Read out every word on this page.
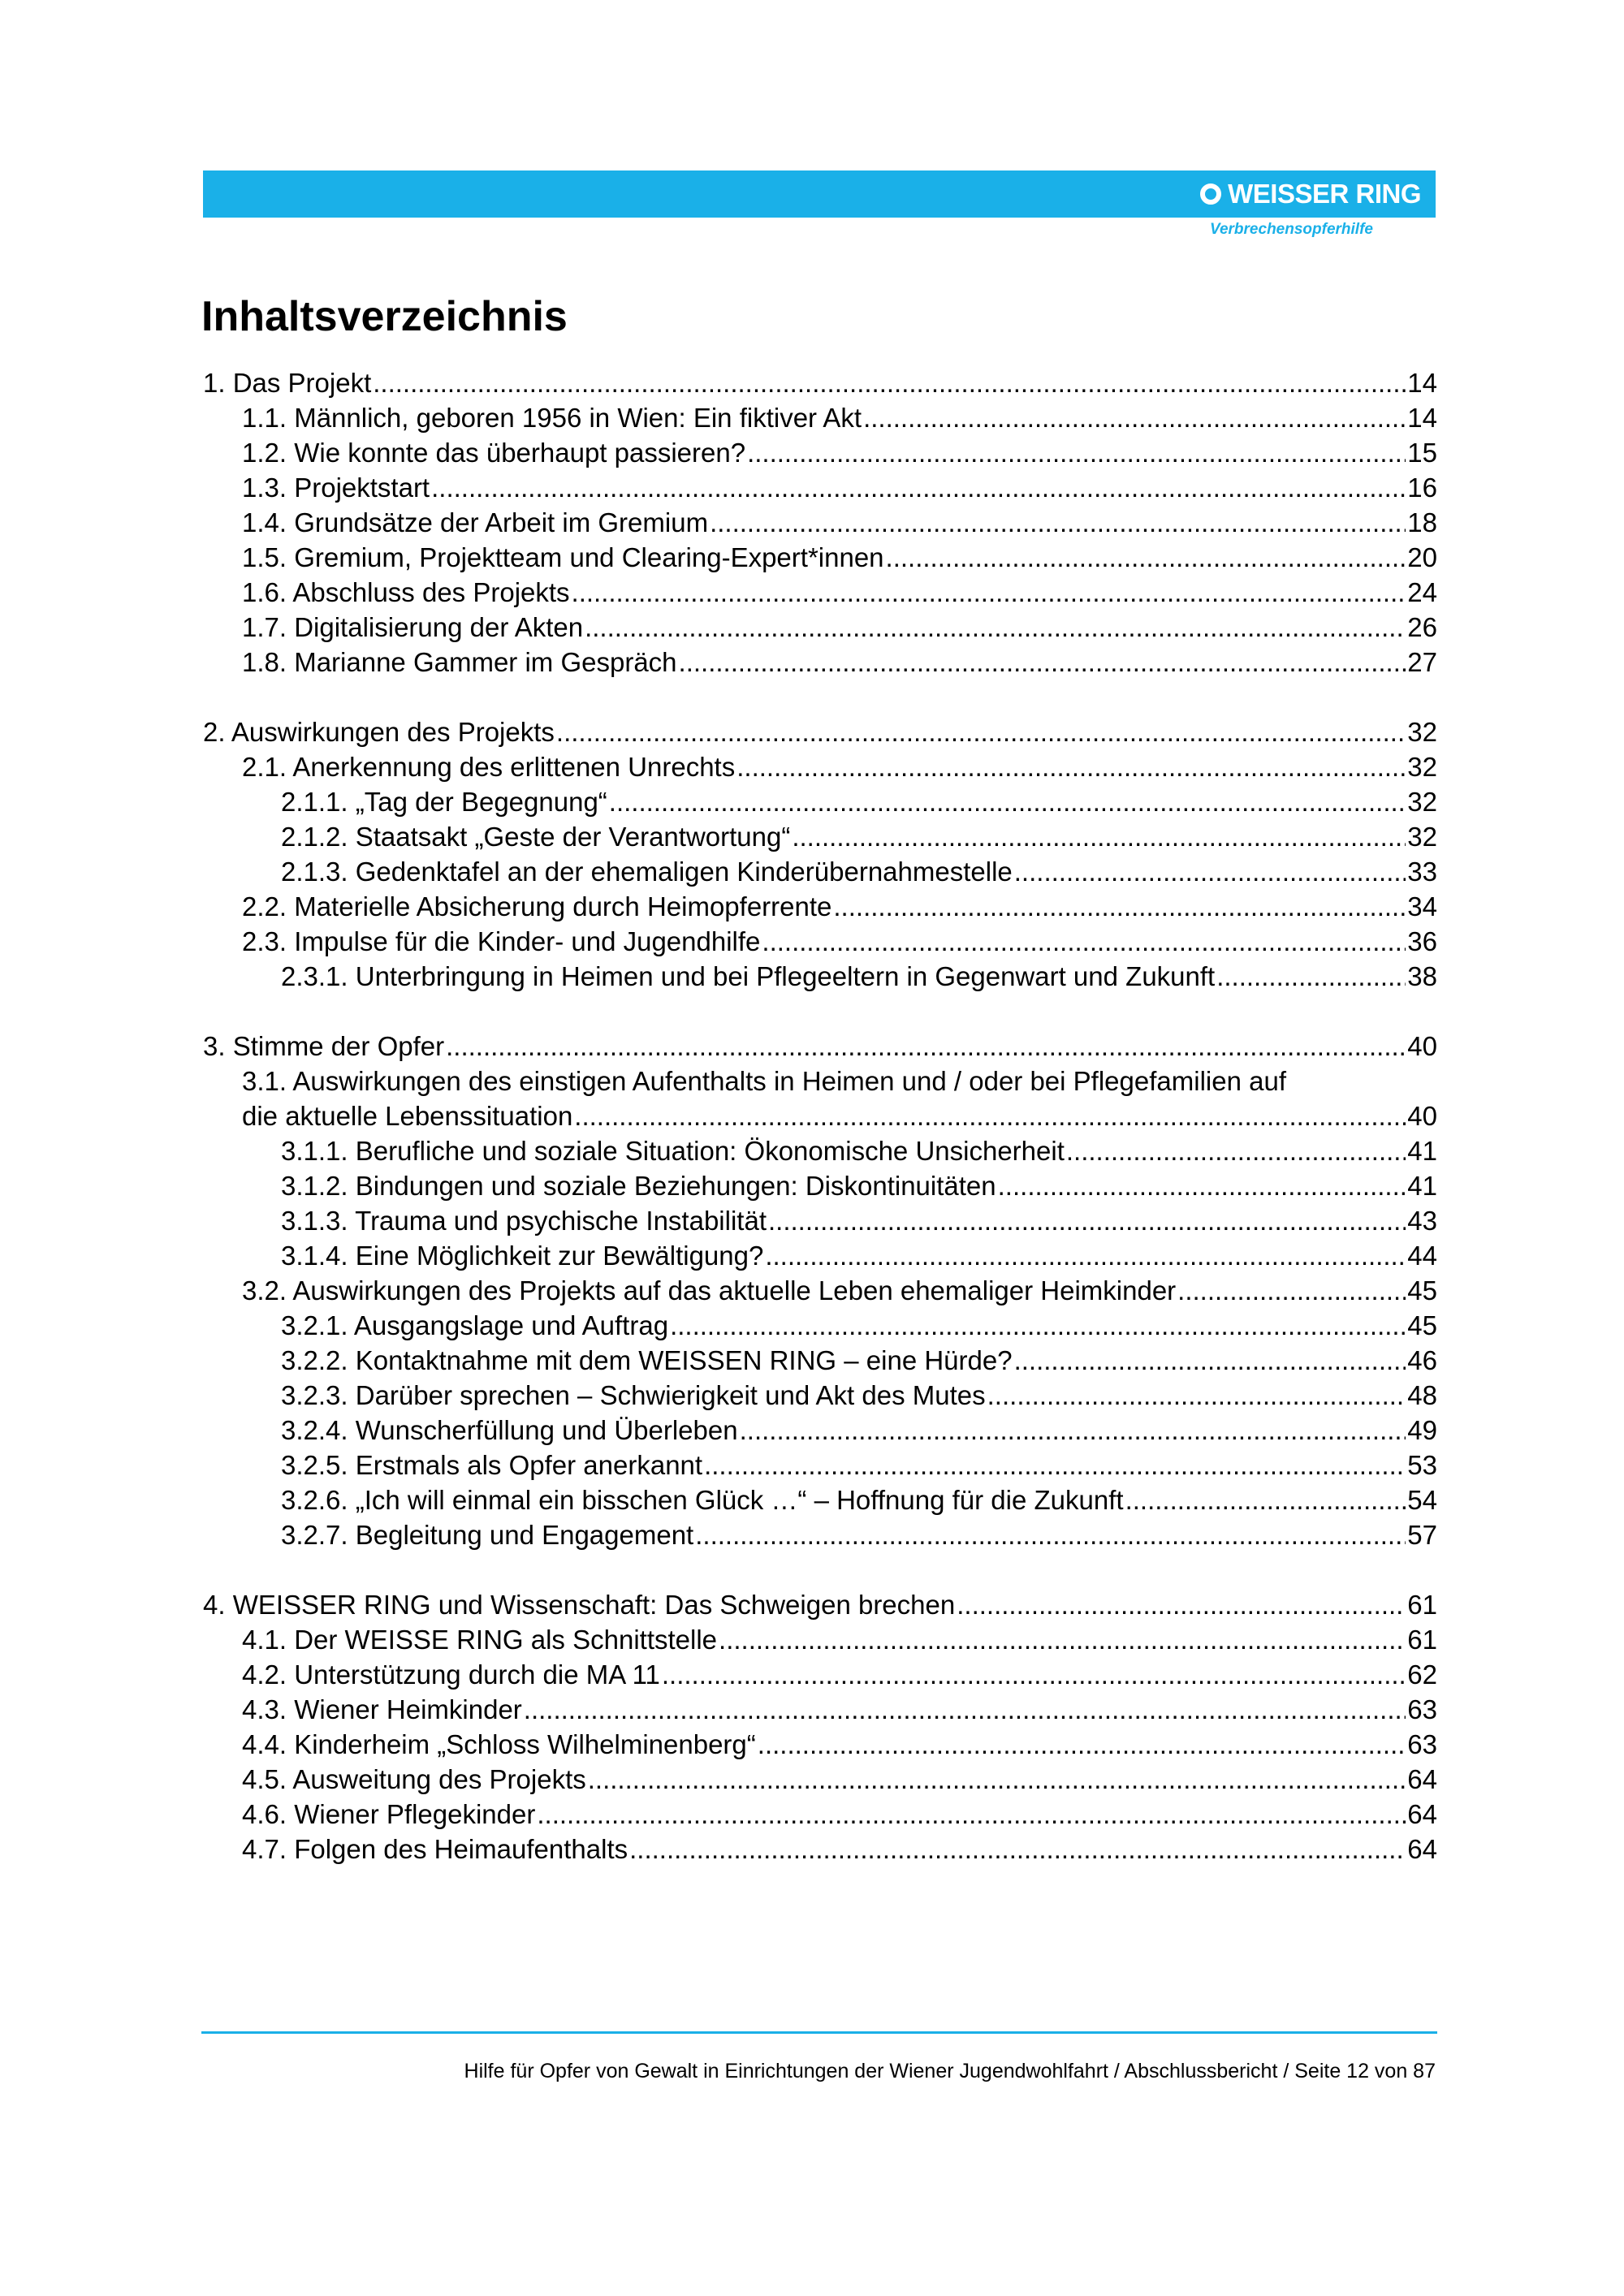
WEISSER RING
Verbrechensopferhilfe
Inhaltsverzeichnis
1. Das Projekt .....	14
1.1. Männlich, geboren 1956 in Wien: Ein fiktiver Akt .....	14
1.2. Wie konnte das überhaupt passieren? .....	15
1.3. Projektstart .....	16
1.4. Grundsätze der Arbeit im Gremium .....	18
1.5. Gremium, Projektteam und Clearing-Expert*innen .....	20
1.6. Abschluss des Projekts .....	24
1.7. Digitalisierung der Akten .....	26
1.8. Marianne Gammer im Gespräch .....	27
2. Auswirkungen des Projekts .....	32
2.1. Anerkennung des erlittenen Unrechts .....	32
2.1.1. „Tag der Begegnung“ .....	32
2.1.2. Staatsakt „Geste der Verantwortung“ .....	32
2.1.3. Gedenktafel an der ehemaligen Kinderübernahmestelle .....	33
2.2. Materielle Absicherung durch Heimopferrente .....	34
2.3. Impulse für die Kinder- und Jugendhilfe .....	36
2.3.1. Unterbringung in Heimen und bei Pflegeeltern in Gegenwart und Zukunft .....	38
3. Stimme der Opfer .....	40
3.1. Auswirkungen des einstigen Aufenthalts in Heimen und / oder bei Pflegefamilien auf
die aktuelle Lebenssituation .....	40
3.1.1. Berufliche und soziale Situation: Ökonomische Unsicherheit .....	41
3.1.2. Bindungen und soziale Beziehungen: Diskontinuitäten .....	41
3.1.3. Trauma und psychische Instabilität .....	43
3.1.4. Eine Möglichkeit zur Bewältigung? .....	44
3.2. Auswirkungen des Projekts auf das aktuelle Leben ehemaliger Heimkinder .....	45
3.2.1. Ausgangslage und Auftrag .....	45
3.2.2. Kontaktnahme mit dem WEISSEN RING – eine Hürde? .....	46
3.2.3. Darüber sprechen – Schwierigkeit und Akt des Mutes .....	48
3.2.4. Wunscherfüllung und Überleben .....	49
3.2.5. Erstmals als Opfer anerkannt .....	53
3.2.6. „Ich will einmal ein bisschen Glück …“ – Hoffnung für die Zukunft .....	54
3.2.7. Begleitung und Engagement .....	57
4. WEISSER RING und Wissenschaft: Das Schweigen brechen .....	61
4.1. Der WEISSE RING als Schnittstelle .....	61
4.2. Unterstützung durch die MA 11 .....	62
4.3. Wiener Heimkinder .....	63
4.4. Kinderheim „Schloss Wilhelminenberg“ .....	63
4.5. Ausweitung des Projekts .....	64
4.6. Wiener Pflegekinder .....	64
4.7. Folgen des Heimaufenthalts .....	64
Hilfe für Opfer von Gewalt in Einrichtungen der Wiener Jugendwohlfahrt / Abschlussbericht / Seite 12 von 87
